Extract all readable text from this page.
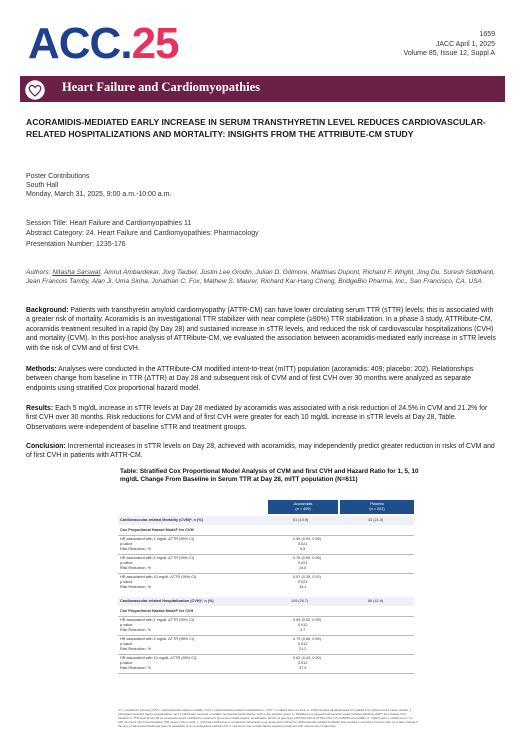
ACC.25	1659
JACC April 1, 2025
Volume 85, Issue 12, Suppl A
Heart Failure and Cardiomyopathies
ACORAMIDIS-MEDIATED EARLY INCREASE IN SERUM TRANSTHYRETIN LEVEL REDUCES CARDIOVASCULAR-RELATED HOSPITALIZATIONS AND MORTALITY: INSIGHTS FROM THE ATTRIBUTE-CM STUDY
Poster Contributions
South Hall
Monday, March 31, 2025, 9:00 a.m.-10:00 a.m.
Session Title: Heart Failure and Cardiomyopathies 11
Abstract Category: 24. Heart Failure and Cardiomyopathies: Pharmacology
Presentation Number: 1235-176
Authors: Nitasha Sarswat, Amrut Ambardekar, Jorg Taubel, Justin Lee Grodin, Julian D. Gillmore, Matthias Dupont, Richard F. Wright, Jing Du, Suresh Siddhanti, Jean Francois Tamby, Alan Ji, Uma Sinha, Jonathan C. Fox, Mathew S. Maurer, Richard Kar-Hang Cheng, BridgeBio Pharma, Inc., San Francisco, CA, USA
Background: Patients with transthyretin amyloid cardiomyopathy (ATTR-CM) can have lower circulating serum TTR (sTTR) levels; this is associated with a greater risk of mortality. Acoramidis is an investigational TTR stabilizer with near complete (≥90%) TTR stabilization. In a phase 3 study, ATTRibute-CM, acoramidis treatment resulted in a rapid (by Day 28) and sustained increase in sTTR levels, and reduced the risk of cardiovascular hospitalizations (CVH) and mortality (CVM). In this post-hoc analysis of ATTRibute-CM, we evaluated the association between acoramidis-mediated early increase in sTTR levels with the risk of CVM and of first CVH.
Methods: Analyses were conducted in the ATTRibute-CM modified intent-to-treat (mITT) population (acoramidis: 409; placebo: 202). Relationships between change from baseline in TTR (ΔTTR) at Day 28 and subsequent risk of CVM and of first CVH over 30 months were analyzed as separate endpoints using stratified Cox proportional hazard model.
Results: Each 5 mg/dL increase in sTTR levels at Day 28 mediated by acoramidis was associated with a risk reduction of 24.5% in CVM and 21.2% for first CVH over 30 months. Risk reductions for CVM and of first CVH were greater for each 10 mg/dL increase in sTTR levels at Day 28, Table. Observations were independent of baseline sTTR and treatment groups.
Conclusion: Incremental increases in sTTR levels on Day 28, achieved with acoramidis, may independently predict greater reduction in risks of CVM and of first CVH in patients with ATTR-CM.
Table: Stratified Cox Proportional Model Analysis of CVM and first CVH and Hazard Ratio for 1, 5, 10 mg/dL Change From Baseline in Serum TTR at Day 28, mITT population (N=611)
Acoramidis
(n = 409)
Placebo
(n = 202)
Cardiovascular-related Mortality (CVM)ᵃ, n (%)	61 (14.9)	43 (21.3)
Cox Proportional Hazard Modelᵇ for CVM
HR associated with 1 mg/dL ΔTTR (95% CI)	0.95 (0.90, 0.99)
p-value	0.021
Risk Reduction, %	5.5
HR associated with 5 mg/dL ΔTTR (95% CI)	0.76 (0.59, 0.96)
p-value	0.021
Risk Reduction, %	24.5
HR associated with 10 mg/dL ΔTTR (95% CI)	0.57 (0.35, 0.92)
p-value	0.021
Risk Reduction, %	43.1
Cardiovascular-related Hospitalization (CVH)ᶜ, n (%)	109 (26.7)	86 (42.6)
Cox Proportional Hazard Modelᵇ for CVH
HR associated with 1 mg/dL ΔTTR (95% CI)	0.95 (0.92, 0.99)
p-value	0.012
Risk Reduction, %	4.7
HR associated with 5 mg/dL ΔTTR (95% CI)	0.79 (0.66, 0.95)
p-value	0.012
Risk Reduction, %	21.2
HR associated with 10 mg/dL ΔTTR (95% CI)	0.62 (0.43, 0.90)
p-value	0.012
Risk Reduction, %	37.9
CI = confidence interval; CVM = cardiovascular-related mortality; CVH = cardiovascular-related hospitalization; mITT = modified intent-to-treat. a. CVM includes all adjudicated CV-related and undetermined cause deaths. 1 participant received heart transplantation, and 1 participant received a cardiac mechanical assist device, both in the placebo group. b. Stratified cox proportional hazards model includes baseline ΔNPT and change from baseline in TTR level at day 28 as covariates and is stratified by treatment group and randomization stratification factors of genotype (ATTRwt-CM vs ATTRv-CM), NT-proBNP level (≤3000 or >3000 pg/mL), eGFR level (< or ≥45 mL/min/1.73m²) and baseline TTR group (<20 vs ≥20). c. CVH was defined as a nonelective admission to an acute care setting for cardiovascular-related morbidity that resulted in at least a 24-hour stay (or a date change if the time of admission/discharge was not available) or an unscheduled medical visit of <24 hours due to heart failure requiring treatment with intravenous IV diuretics.
